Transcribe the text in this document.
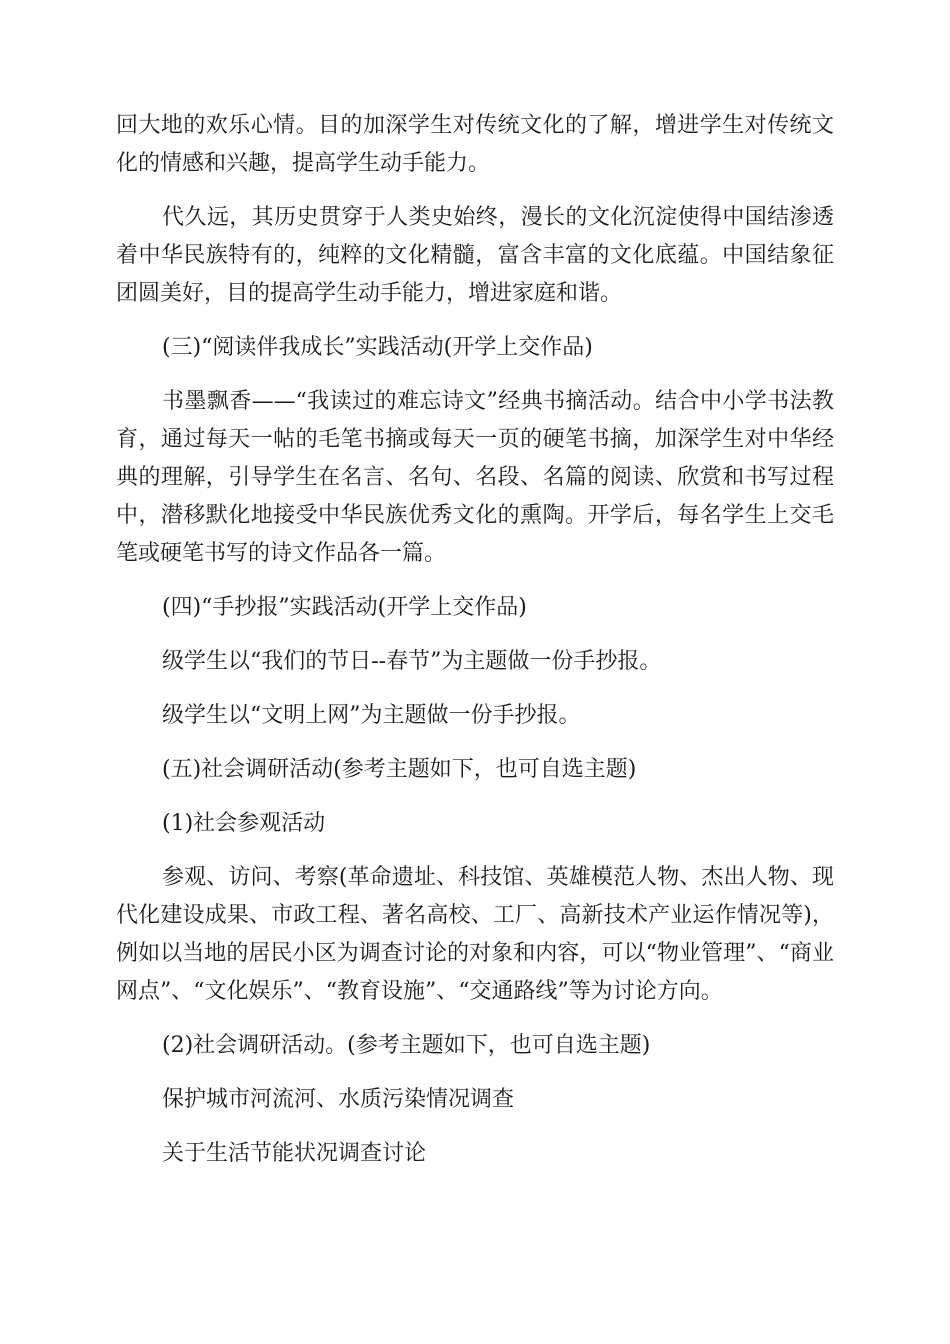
回大地的欢乐心情。目的加深学生对传统文化的了解，增进学生对传统文化的情感和兴趣，提高学生动手能力。

代久远，其历史贯穿于人类史始终，漫长的文化沉淀使得中国结渗透着中华民族特有的，纯粹的文化精髓，富含丰富的文化底蕴。中国结象征团圆美好，目的提高学生动手能力，增进家庭和谐。

(三)“阅读伴我成长”实践活动(开学上交作品)

书墨飘香——“我读过的难忘诗文”经典书摘活动。结合中小学书法教育，通过每天一帖的毛笔书摘或每天一页的硬笔书摘，加深学生对中华经典的理解，引导学生在名言、名句、名段、名篇的阅读、欣赏和书写过程中，潜移默化地接受中华民族优秀文化的熏陶。开学后，每名学生上交毛笔或硬笔书写的诗文作品各一篇。

(四)“手抄报”实践活动(开学上交作品)

级学生以“我们的节日--春节”为主题做一份手抄报。

级学生以“文明上网”为主题做一份手抄报。

(五)社会调研活动(参考主题如下，也可自选主题)

(1)社会参观活动

参观、访问、考察(革命遗址、科技馆、英雄模范人物、杰出人物、现代化建设成果、市政工程、著名高校、工厂、高新技术产业运作情况等)，例如以当地的居民小区为调查讨论的对象和内容，可以“物业管理”、“商业网点”、“文化娱乐”、“教育设施”、“交通路线”等为讨论方向。

(2)社会调研活动。(参考主题如下，也可自选主题)

保护城市河流河、水质污染情况调查

关于生活节能状况调查讨论
